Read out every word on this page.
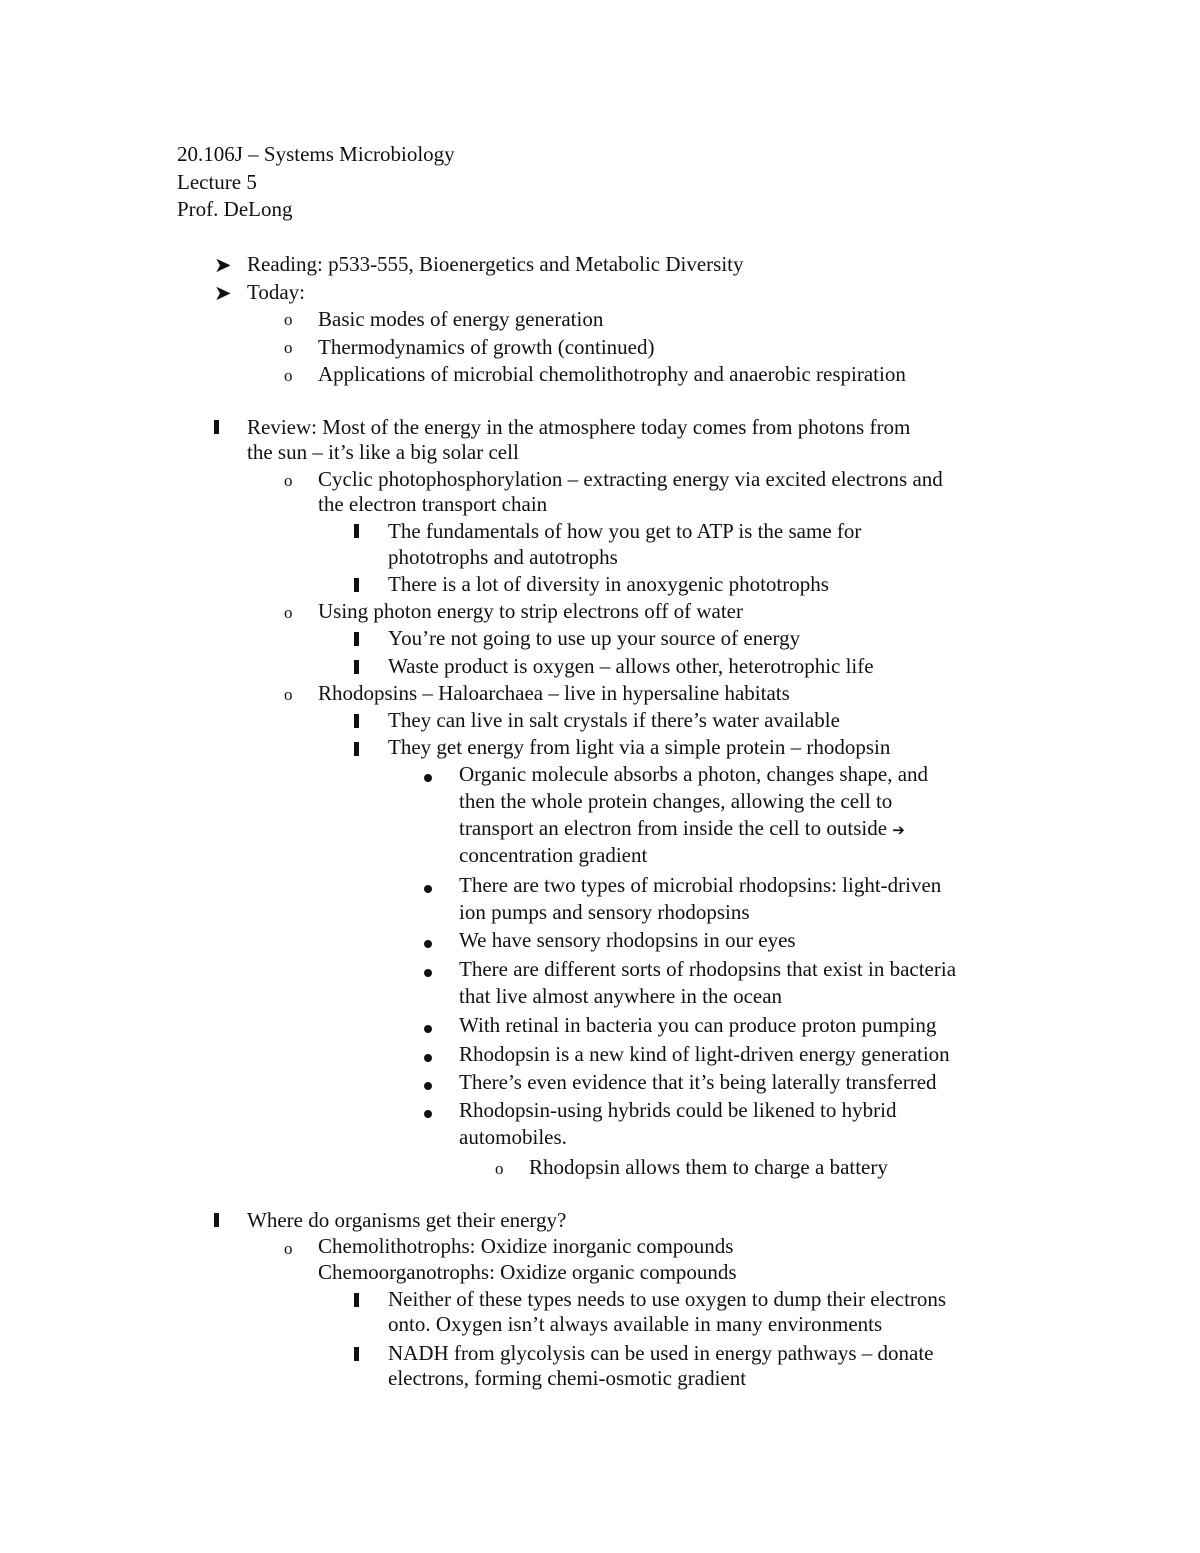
20.106J – Systems Microbiology
Lecture 5
Prof. DeLong
➤ Reading: p533-555, Bioenergetics and Metabolic Diversity
➤ Today:
o Basic modes of energy generation
o Thermodynamics of growth (continued)
o Applications of microbial chemolithotrophy and anaerobic respiration
Review: Most of the energy in the atmosphere today comes from photons from
the sun – it’s like a big solar cell
o Cyclic photophosphorylation – extracting energy via excited electrons and
the electron transport chain
The fundamentals of how you get to ATP is the same for
phototrophs and autotrophs
There is a lot of diversity in anoxygenic phototrophs
o Using photon energy to strip electrons off of water
You’re not going to use up your source of energy
Waste product is oxygen – allows other, heterotrophic life
o Rhodopsins – Haloarchaea – live in hypersaline habitats
They can live in salt crystals if there’s water available
They get energy from light via a simple protein – rhodopsin
Organic molecule absorbs a photon, changes shape, and
then the whole protein changes, allowing the cell to
transport an electron from inside the cell to outside ➔
concentration gradient
There are two types of microbial rhodopsins: light-driven
ion pumps and sensory rhodopsins
We have sensory rhodopsins in our eyes
There are different sorts of rhodopsins that exist in bacteria
that live almost anywhere in the ocean
With retinal in bacteria you can produce proton pumping
Rhodopsin is a new kind of light-driven energy generation
There’s even evidence that it’s being laterally transferred
Rhodopsin-using hybrids could be likened to hybrid
automobiles.
o Rhodopsin allows them to charge a battery
Where do organisms get their energy?
o Chemolithotrophs: Oxidize inorganic compounds
Chemoorganotrophs: Oxidize organic compounds
Neither of these types needs to use oxygen to dump their electrons
onto. Oxygen isn’t always available in many environments
NADH from glycolysis can be used in energy pathways – donate
electrons, forming chemi-osmotic gradient
